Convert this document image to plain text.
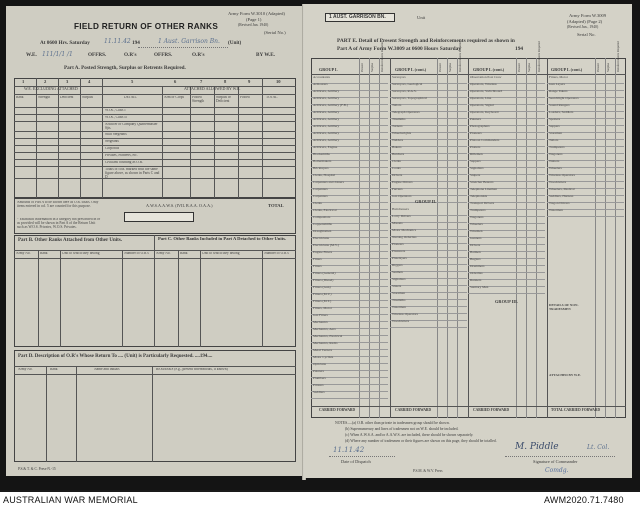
Army Form W.3010 (Adapted)
(Page 1)
(Revised Jan. 1940)
(Serial No.)
FIELD RETURN OF OTHER RANKS
At 0600 Hrs. Saturday 11.11.42 194	1 Aust. Garrison Bn. (Unit)
W.E. 111/1/1 /1	OFFRS.	O.R's	OFFRS.	O.R's	BY W.E.
Part A. Posted Strength, Surplus or Retrents Required.
1	2	3	4	5	6	7	8	9	10
W.E. EXCLUDING ATTACHED	ATTACHED ALLOWED BY W.E.
Rank	Strength	Deficient	Surplus	DETAIL	Arm or Corps	Posted Strength
Surplus or Deficient
Posted	TOTAL
W.Os., Class I
W.Os., Class II
Artificer or Company Quartermaster Sjts.
Staff Sergeants
Sergeants
Corporals
Privates, Pioneers, etc.
Civilians counting as O.R.
Totals of cols. marked with the same figure above, as shown in Parts C and D
Amounts of Part A to be shown here as O.R. totals. Only items entered in col. 5 are counted for this purpose.	A.W.S.A.A.W.S. (IVIL B.A.A. O.A.A.)	TOTAL
* Establisht information in a category not prescribed in or as provided will be shown in Part A of the Return Unit such as W.O.S. Privates, W.O.S. Privates.
Part B. Other Ranks Attached from Other Units.	Part C. Other Ranks Included in Part A Detached to Other Units.
Army No.	Rank	Unit to which they belong	Number of O.R.s	Army No.	Rank	Unit to which they belong	Number of O.R.s
Part D. Description of O.R's Whose Return To .... (Unit) is Particularly Requested. ....194....
Army No.	Rank	Name and Initials	REMARKS (e.g., present whereabouts, if known)
P.S.& T. & C. Press-N.-15
1 AUST. GARRISON BN.	Unit	Army Form W.3009
(Adapted) (Page 2)
(Revised Jan., 1940)
Serial No.
PART E. Detail of Present Strength and Reinforcements required as shown in
Part A of Army Form W.3009 at 0600 Hours Saturday	194
GROUP I.	GROUP I. (cont.)	GROUP I. (cont.)	GROUP I. (cont.)
Present Surplus Reinforcements Required	Present Surplus Reinforcements Required	Present Surplus Reinforcements Required	Present Surplus Reinforcements Required
Accountants
Armourers
Artificers, Artillery
Artificers, Artillery
Artificers, Artillery (F.B.)
Artificers, Artillery
Artificers, Artillery
Artificers, Artillery
Artificers, Artillery
Artificers, Artillery
Artificers, Engine
Blacksmiths
Boilermakers
Bricklayers
Clerks, Hospital
Carpenters and Joiners
Carpenters
Carpenters
Clerks
Clerks, Electrical
Compositors
Coppersmiths
Draughtsmen
Electricians
Electricians (M.V.)
Engine Fitters
Fitters
Fitters
Fitters (General)
Fitters (Diesel)
Fitters (Gun)
Fitters (M.V.)
Fitters (M.T.)
Fitters, Motor
Gas Fitters
Mechanics
Mechanics, Aero
Mechanics, Electrical
Mechanics, Radio
Metal Turners
Motor Cyclists
Opticians
Painters
Plumbers
Printers
Saddlers
Surveyors
Surveyors, Geological
Surveyors, R.A.S.
Surveyors, Topographical
Tailors
Telegraph Operators
Tinsmiths
Turners
Wheelwrights
Welders
Bakers
Butchers
Clerks
Cooks
Drivers
Engine Drivers
Farriers
Gas Operators
Hairdressers
Lorry Drivers
Masons
Motor Mechanics
Nursing Orderlies
Pioneers
Plasterers
Platelayers
Riggers
Seamen
Signallers
Slaters
Storemen
Tinsmiths
Watermen
Wireless Operators
Woodcutters
Observation Post Crew
Operators, Wireless
Operators, Switchboard
Operators, Line
Operators, Signal
Operators, Keyboard
Painters
Photographers
Pioneers
Platoon Commanders
Plotters
Riflemen
Sappers
Signallers
Snipers
Stretcher Bearers
Telephone Linemen
Telephonists
Transport Drivers
Trumpeters
Wagoners
Wheelers
Wiremen
Gunners
Drivers
Batmen
Buglers
Drummers
Orderlies
Runners
Sanitary Men
Fitters, Motor
Gun Layers
Range Takers
Searchlight Operators
Sound Rangers
Loaders, Saddlers
Spotters
Sappers
Storemen
Tailors
Trumpeters
Wagoners
Waiters
Wheelers
Wireless Operators
Woodcutters
Wheelers, Medical
Saddlers, Harness
Wagon Drivers
Watermen
GROUP II.
GROUP III.
DETAILS OF NON-TRADESMEN
ATTACHED BY W.E.
CARRIED FORWARD	CARRIED FORWARD	CARRIED FORWARD	TOTAL CARRIED FORWARD
NOTES.—(a) O.R. other than private in tradesmen group should be shown.
(b) Supernumerary and lines of tradesmen not on W.E. should be included.
(c) When A.W.S.A. and/or A.A.W.S. are included, these should be shown separately.
(d) Where any number of tradesmen or their figures are shown on this page, they should be totalled.
11.11.42
Date of Dispatch
M. Piddle	Lt. Col.
Signature of Commander
Comdg.
P.S.M. & W.V. Press
AUSTRALIAN WAR MEMORIAL	AWM2020.71.7480
